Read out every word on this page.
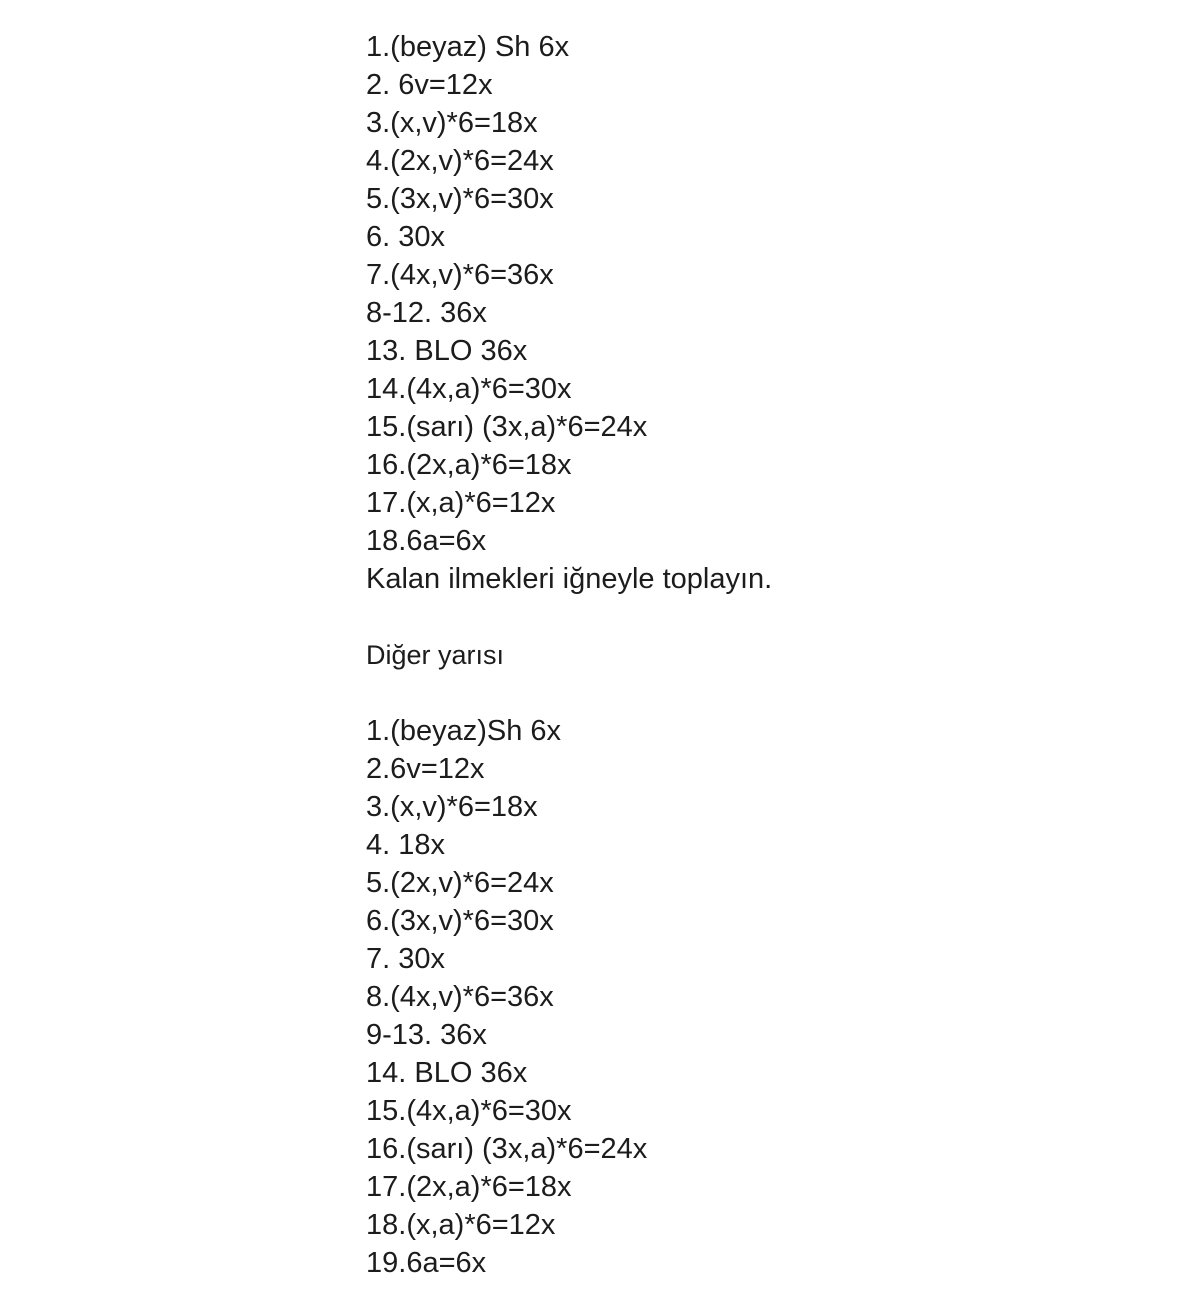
1.(beyaz) Sh 6x
2. 6v=12x
3.(x,v)*6=18x
4.(2x,v)*6=24x
5.(3x,v)*6=30x
6. 30x
7.(4x,v)*6=36x
8-12. 36x
13. BLO 36x
14.(4x,a)*6=30x
15.(sarı) (3x,a)*6=24x
16.(2x,a)*6=18x
17.(x,a)*6=12x
18.6a=6x
Kalan ilmekleri iğneyle toplayın.
Diğer yarısı
1.(beyaz)Sh 6x
2.6v=12x
3.(x,v)*6=18x
4. 18x
5.(2x,v)*6=24x
6.(3x,v)*6=30x
7. 30x
8.(4x,v)*6=36x
9-13. 36x
14. BLO 36x
15.(4x,a)*6=30x
16.(sarı) (3x,a)*6=24x
17.(2x,a)*6=18x
18.(x,a)*6=12x
19.6a=6x
